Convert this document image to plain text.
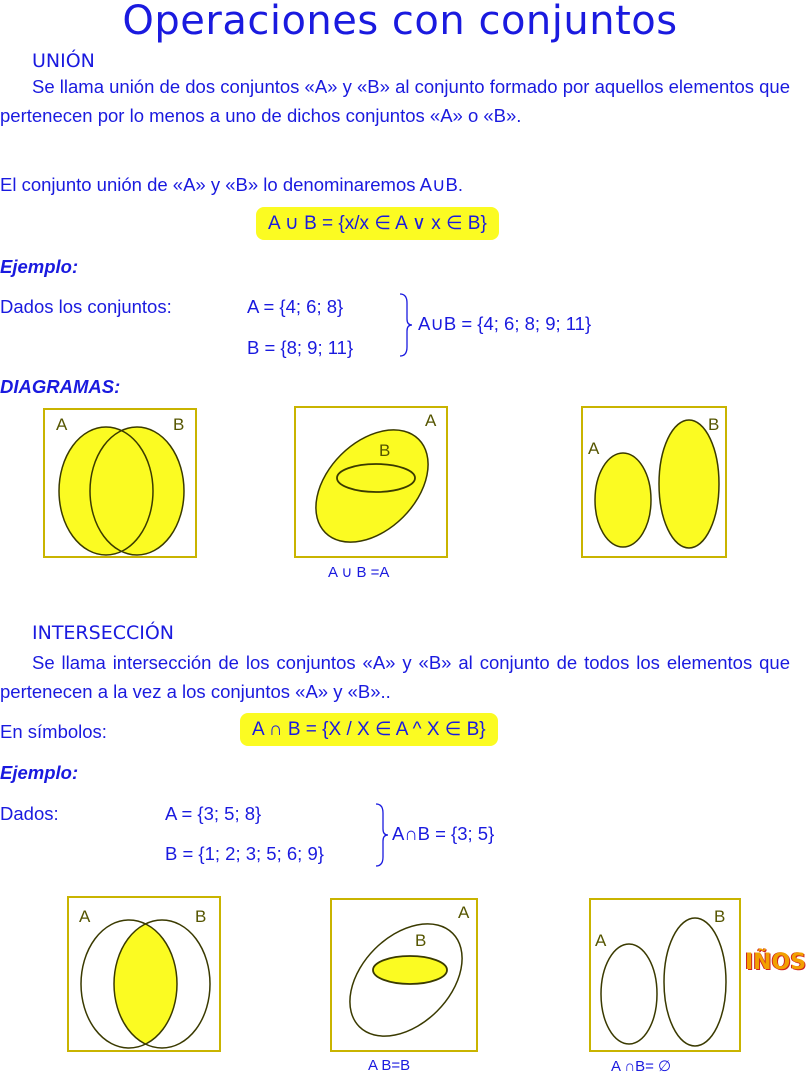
Operaciones con conjuntos
UNIÓN
Se llama unión de dos conjuntos «A» y «B» al conjunto formado por aquellos elementos que pertenecen por lo menos a uno de dichos conjuntos «A» o «B».
El conjunto unión de «A» y «B» lo denominaremos A∪B.
A ∪ B = {x/x ∈ A ∨ x ∈ B}
Ejemplo:
Dados los conjuntos:	A = {4; 6; 8}
B = {8; 9; 11}
A∪B = {4; 6; 8; 9; 11}
DIAGRAMAS:
A	B	A
B
A ∪ B =A
A
B
INTERSECCIÓN
Se llama intersección de los conjuntos «A» y «B» al conjunto de todos los elementos que pertenecen a la vez a los conjuntos «A» y «B»..
En símbolos:	A ∩ B = {X / X ∈ A ^ X ∈ B}
Ejemplo:
Dados:	A = {3; 5; 8}
B = {1; 2; 3; 5; 6; 9}
A∩B = {3; 5}
A	B	A
B
A B=B
A
B
A ∩B= ∅
IÑOS
